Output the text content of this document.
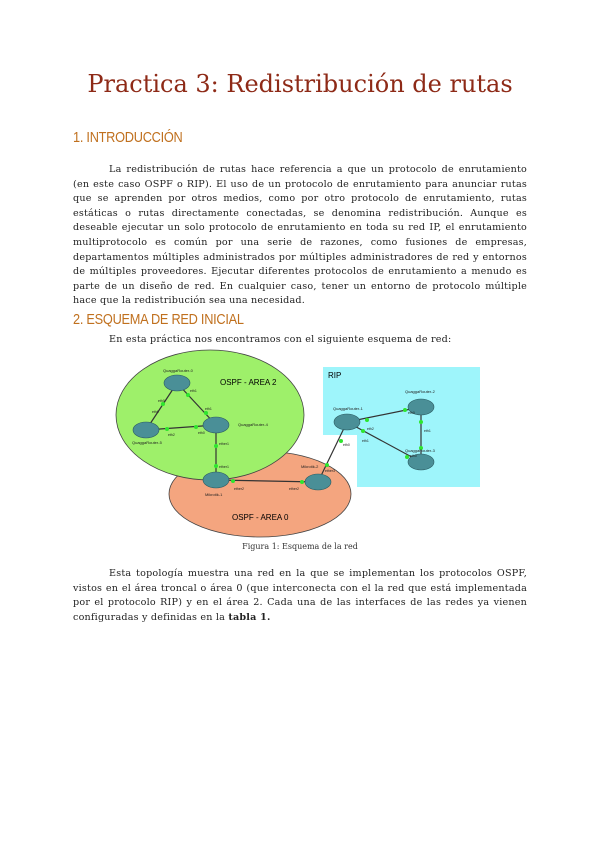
Practica 3: Redistribución de rutas
1. INTRODUCCIÓN
La redistribución de rutas hace referencia a que un protocolo de enrutamiento (en este caso OSPF o RIP). El uso de un protocolo de enrutamiento para anunciar rutas que se aprenden por otros medios, como por otro protocolo de enrutamiento, rutas estáticas o rutas directamente conectadas, se denomina redistribución. Aunque es deseable ejecutar un solo protocolo de enrutamiento en toda su red IP, el enrutamiento multiprotocolo es común por una serie de razones, como fusiones de empresas, departamentos múltiples administrados por múltiples administradores de red y entornos de múltiples proveedores. Ejecutar diferentes protocolos de enrutamiento a menudo es parte de un diseño de red. En cualquier caso, tener un entorno de protocolo múltiple hace que la redistribución sea una necesidad.
2. ESQUEMA DE RED INICIAL
En esta práctica nos encontramos con el siguiente esquema de red:
OSPF - AREA 2
OSPF - AREA 0
RIP
QuaggaRouter-0
QuaggaRouter-4
QuaggaRouter-5
Mikrotik-1
Mikrotik-2
QuaggaRouter-1
QuaggaRouter-2
QuaggaRouter-3
eth0
eth0
eth1
eth1
eth2	eth0
ether1
ether1
ether2	ether2
ether3
eth0
eth2
eth0
eth1
eth1
eth0
Figura 1: Esquema de la red
Esta topología muestra una red en la que se implementan los protocolos OSPF, vistos en el área troncal o área 0 (que interconecta con el la red que está implementada por el protocolo RIP) y en el área 2. Cada una de las interfaces de las redes ya vienen configuradas y definidas en la tabla 1.
